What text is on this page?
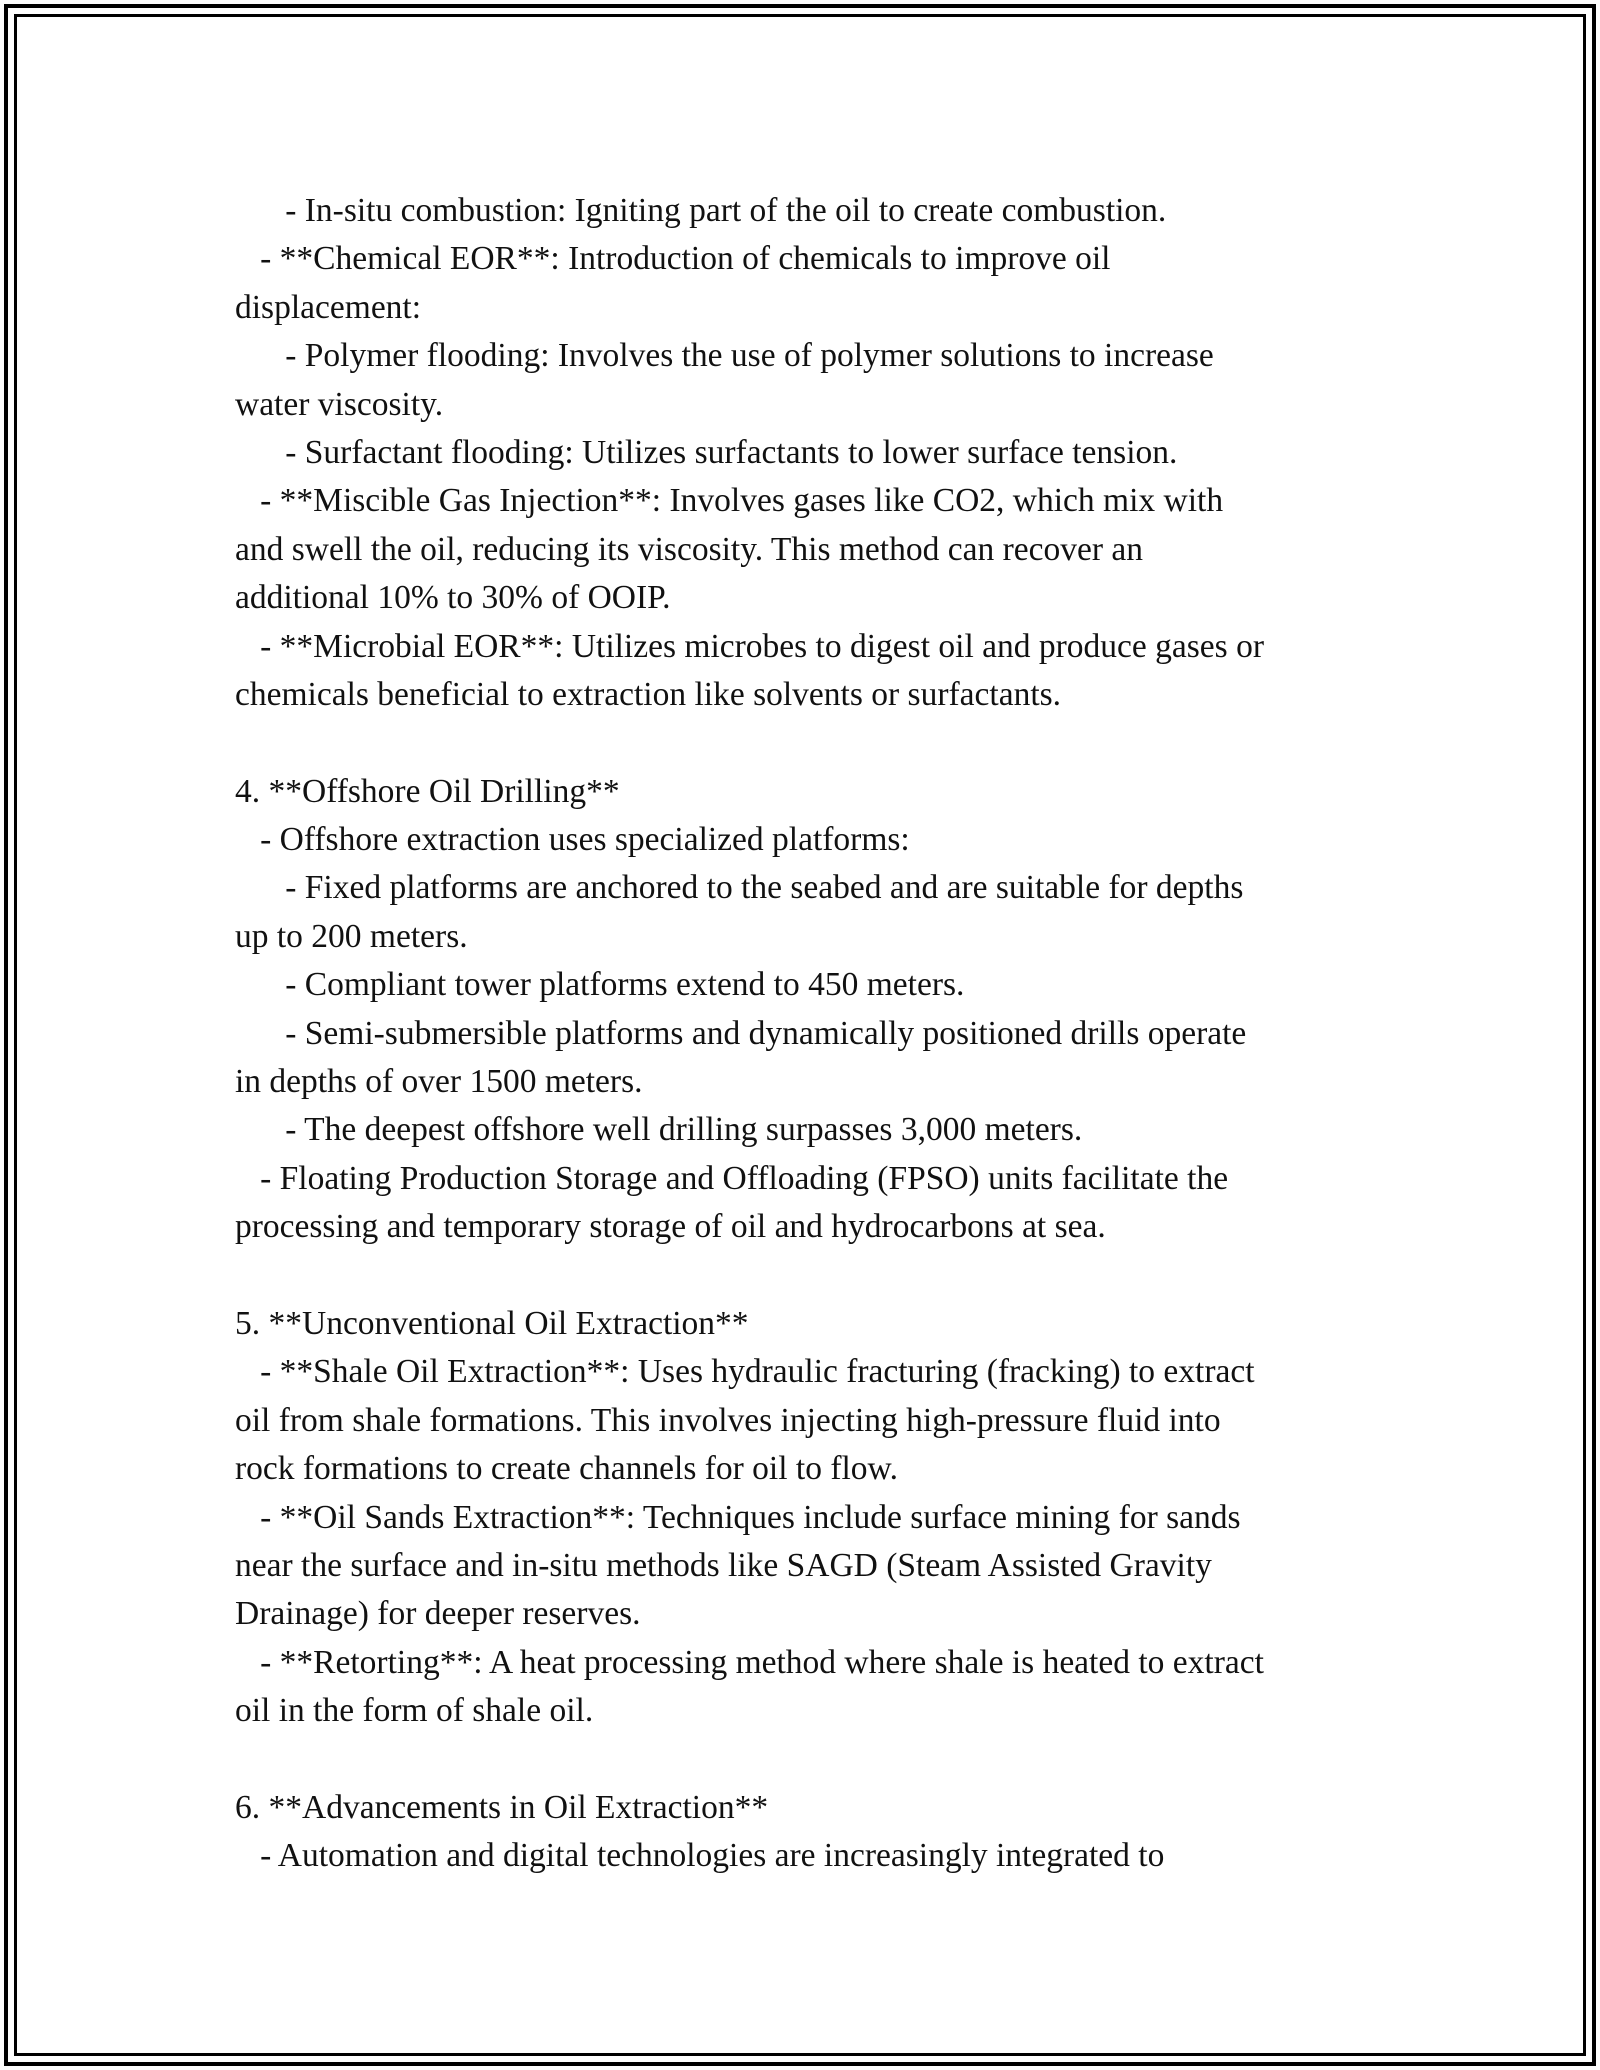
- In-situ combustion: Igniting part of the oil to create combustion.
- **Chemical EOR**: Introduction of chemicals to improve oil
displacement:
- Polymer flooding: Involves the use of polymer solutions to increase
water viscosity.
- Surfactant flooding: Utilizes surfactants to lower surface tension.
- **Miscible Gas Injection**: Involves gases like CO2, which mix with
and swell the oil, reducing its viscosity. This method can recover an
additional 10% to 30% of OOIP.
- **Microbial EOR**: Utilizes microbes to digest oil and produce gases or
chemicals beneficial to extraction like solvents or surfactants.
4. **Offshore Oil Drilling**
- Offshore extraction uses specialized platforms:
- Fixed platforms are anchored to the seabed and are suitable for depths
up to 200 meters.
- Compliant tower platforms extend to 450 meters.
- Semi-submersible platforms and dynamically positioned drills operate
in depths of over 1500 meters.
- The deepest offshore well drilling surpasses 3,000 meters.
- Floating Production Storage and Offloading (FPSO) units facilitate the
processing and temporary storage of oil and hydrocarbons at sea.
5. **Unconventional Oil Extraction**
- **Shale Oil Extraction**: Uses hydraulic fracturing (fracking) to extract
oil from shale formations. This involves injecting high-pressure fluid into
rock formations to create channels for oil to flow.
- **Oil Sands Extraction**: Techniques include surface mining for sands
near the surface and in-situ methods like SAGD (Steam Assisted Gravity
Drainage) for deeper reserves.
- **Retorting**: A heat processing method where shale is heated to extract
oil in the form of shale oil.
6. **Advancements in Oil Extraction**
- Automation and digital technologies are increasingly integrated to
